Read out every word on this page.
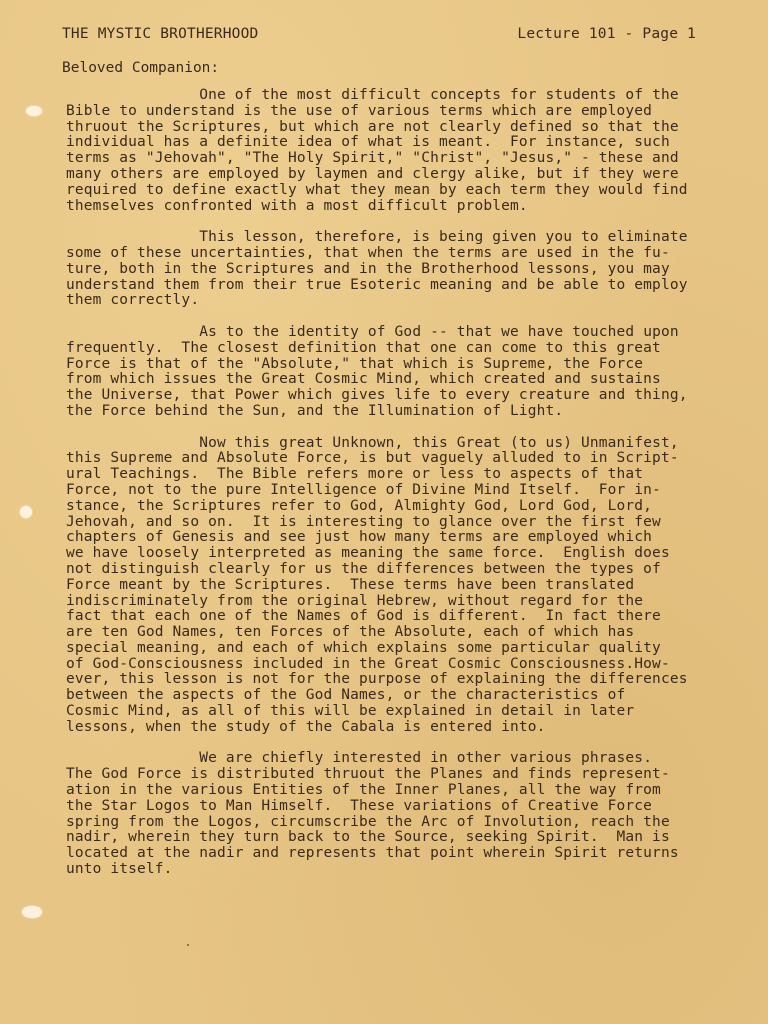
THE MYSTIC BROTHERHOOD	Lecture 101 - Page 1
Beloved Companion:

One of the most difficult concepts for students of the
Bible to understand is the use of various terms which are employed
thruout the Scriptures, but which are not clearly defined so that the
individual has a definite idea of what is meant.  For instance, such
terms as "Jehovah", "The Holy Spirit," "Christ", "Jesus," - these and
many others are employed by laymen and clergy alike, but if they were
required to define exactly what they mean by each term they would find
themselves confronted with a most difficult problem.

This lesson, therefore, is being given you to eliminate
some of these uncertainties, that when the terms are used in the fu-
ture, both in the Scriptures and in the Brotherhood lessons, you may
understand them from their true Esoteric meaning and be able to employ
them correctly.

As to the identity of God -- that we have touched upon
frequently.  The closest definition that one can come to this great
Force is that of the "Absolute," that which is Supreme, the Force
from which issues the Great Cosmic Mind, which created and sustains
the Universe, that Power which gives life to every creature and thing,
the Force behind the Sun, and the Illumination of Light.

Now this great Unknown, this Great (to us) Unmanifest,
this Supreme and Absolute Force, is but vaguely alluded to in Script-
ural Teachings.  The Bible refers more or less to aspects of that
Force, not to the pure Intelligence of Divine Mind Itself.  For in-
stance, the Scriptures refer to God, Almighty God, Lord God, Lord,
Jehovah, and so on.  It is interesting to glance over the first few
chapters of Genesis and see just how many terms are employed which
we have loosely interpreted as meaning the same force.  English does
not distinguish clearly for us the differences between the types of
Force meant by the Scriptures.  These terms have been translated
indiscriminately from the original Hebrew, without regard for the
fact that each one of the Names of God is different.  In fact there
are ten God Names, ten Forces of the Absolute, each of which has
special meaning, and each of which explains some particular quality
of God-Consciousness included in the Great Cosmic Consciousness.How-
ever, this lesson is not for the purpose of explaining the differences
between the aspects of the God Names, or the characteristics of
Cosmic Mind, as all of this will be explained in detail in later
lessons, when the study of the Cabala is entered into.

We are chiefly interested in other various phrases.
The God Force is distributed thruout the Planes and finds represent-
ation in the various Entities of the Inner Planes, all the way from
the Star Logos to Man Himself.  These variations of Creative Force
spring from the Logos, circumscribe the Arc of Involution, reach the
nadir, wherein they turn back to the Source, seeking Spirit.  Man is
located at the nadir and represents that point wherein Spirit returns
unto itself.
